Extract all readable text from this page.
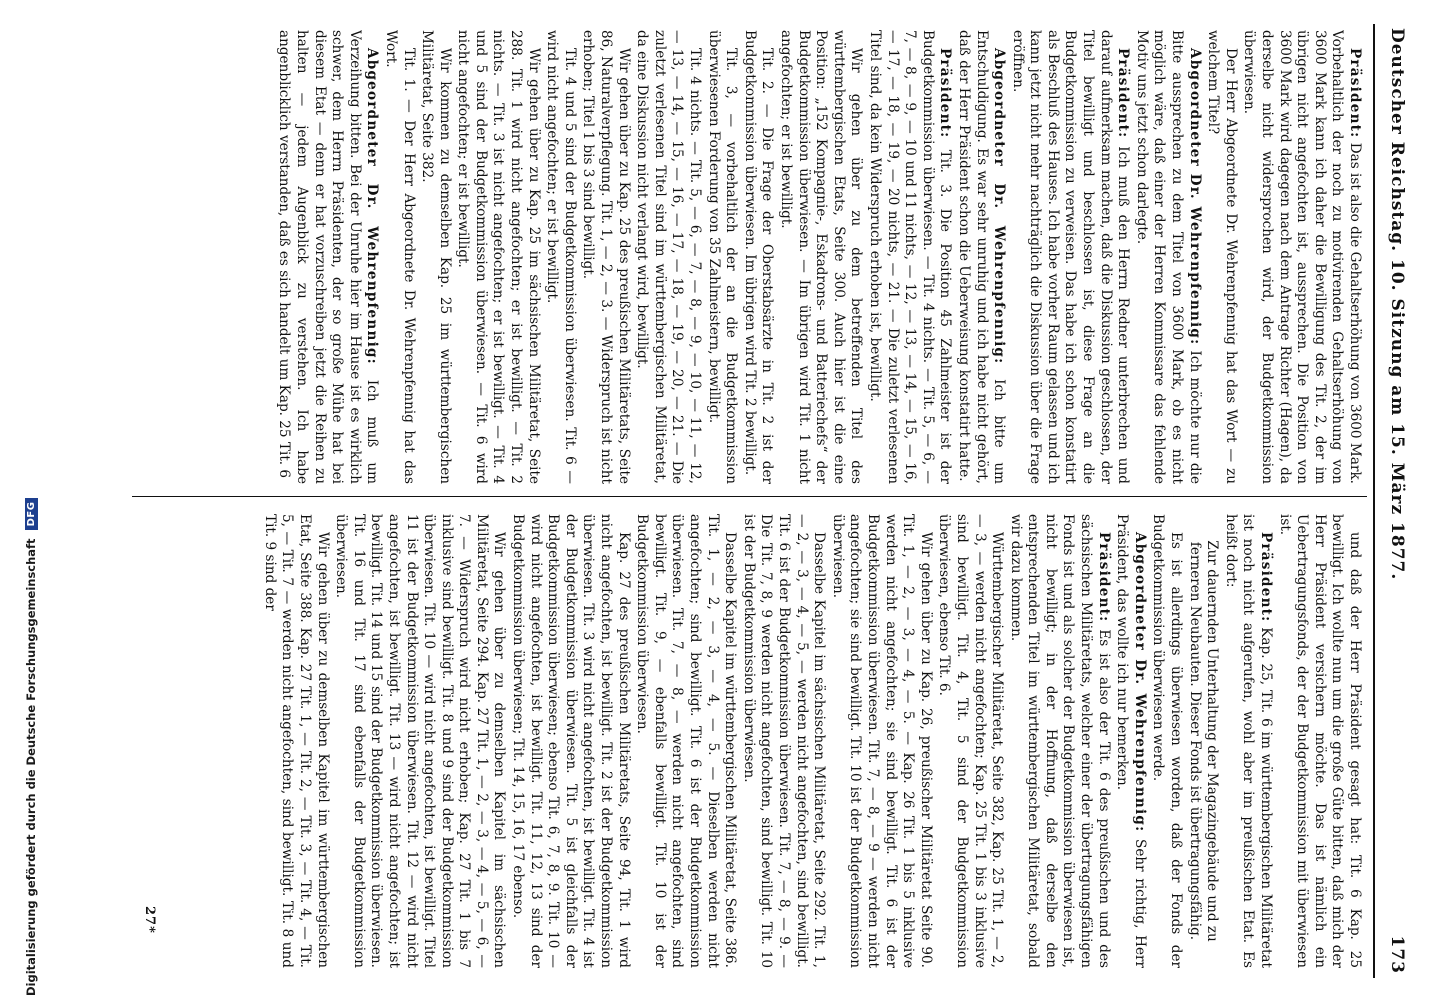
Deutscher Reichstag. 10. Sitzung am 15. März 1877.
173

Präsident: Das ist also die Gehaltserhöhung von 3600 Mark. Vorbehaltlich der noch zu motivirenden Gehaltserhöhung von 3600 Mark kann ich daher die Bewilligung des Tit. 2, der im übrigen nicht angefochten ist, aussprechen. Die Position von 3600 Mark wird dagegen nach dem Antrage Richter (Hagen), da derselbe nicht widersprochen wird, der Budgetkommission überwiesen.

Der Herr Abgeordnete Dr. Wehrenpfennig hat das Wort — zu welchem Titel?

Abgeordneter Dr. Wehrenpfennig: Ich möchte nur die Bitte aussprechen zu dem Titel von 3600 Mark, ob es nicht möglich wäre, daß einer der Herren Kommissare das fehlende Motiv uns jetzt schon darlegte.

Präsident: Ich muß den Herrn Redner unterbrechen und darauf aufmerksam machen, daß die Diskussion geschlossen, der Titel bewilligt und beschlossen ist, diese Frage an die Budgetkommission zu verweisen. Das habe ich schon konstatirt als Beschluß des Hauses. Ich habe vorher Raum gelassen und ich kann jetzt nicht mehr nachträglich die Diskussion über die Frage eröffnen.

Abgeordneter Dr. Wehrenpfennig: Ich bitte um Entschuldigung. Es war sehr unruhig und ich habe nicht gehört, daß der Herr Präsident schon die Ueberweisung konstatirt hatte.

Präsident: Tit. 3. Die Position 45 Zahlmeister ist der Budgetkommission überwiesen. — Tit. 4 nichts. — Tit. 5, — 6, — 7, — 8, — 9, — 10 und 11 nichts, — 12, — 13, — 14, — 15, — 16, — 17, — 18, — 19, — 20 nichts, — 21. — Die zuletzt verlesenen Titel sind, da kein Widerspruch erhoben ist, bewilligt.

Wir gehen über zu dem betreffenden Titel des württembergischen Etats, Seite 300. Auch hier ist die eine Position: „152 Kompagnie-, Eskadrons- und Batteriechefs“ der Budgetkommission überwiesen. — Im übrigen wird Tit. 1 nicht angefochten; er ist bewilligt.

Tit. 2. — Die Frage der Oberstabsärzte in Tit. 2 ist der Budgetkommission überwiesen. Im übrigen wird Tit. 2 bewilligt.

Tit. 3, — vorbehaltlich der an die Budgetkommission überwiesenen Forderung von 35 Zahlmeistern, bewilligt.

Tit. 4 nichts. — Tit. 5, — 6, — 7, — 8, — 9, — 10, — 11, — 12, — 13, — 14, — 15, — 16, — 17, — 18, — 19, — 20, — 21. — Die zuletzt verlesenen Titel sind im württembergischen Militäretat, da eine Diskussion nicht verlangt wird, bewilligt.

Wir gehen über zu Kap. 25 des preußischen Militäretats, Seite 86, Naturalverpflegung. Tit. 1, — 2, — 3. — Widerspruch ist nicht erhoben; Titel 1 bis 3 sind bewilligt.

Tit. 4 und 5 sind der Budgetkommission überwiesen. Tit. 6 — wird nicht angefochten; er ist bewilligt.

Wir gehen über zu Kap. 25 im sächsischen Militäretat, Seite 288. Tit. 1 wird nicht angefochten; er ist bewilligt. — Tit. 2 nichts. — Tit. 3 ist nicht angefochten; er ist bewilligt. — Tit. 4 und 5 sind der Budgetkommission überwiesen. — Tit. 6 wird nicht angefochten; er ist bewilligt.

Wir kommen zu demselben Kap. 25 im württembergischen Militäretat, Seite 382.

Tit. 1. — Der Herr Abgeordnete Dr. Wehrenpfennig hat das Wort.

Abgeordneter Dr. Wehrenpfennig: Ich muß um Verzeihung bitten. Bei der Unruhe hier im Hause ist es wirklich schwer, dem Herrn Präsidenten, der so große Mühe hat bei diesem Etat — denn er hat vorzuschreiben jetzt die Reihen zu halten — jedem Augenblick zu verstehen. Ich habe angenblicklich verstanden, daß es sich handelt um Kap. 25 Tit. 6

und daß der Herr Präsident gesagt hat: Tit. 6 Kap. 25 bewilligt. Ich wollte nun um die große Güte bitten, daß mich der Herr Präsident versichern möchte. Das ist nämlich ein Uebertragungsfonds, der der Budgetkommission mit überwiesen ist.

Präsident: Kap. 25, Tit. 6 im württembergischen Militäretat ist noch nicht aufgerufen, wohl aber im preußischen Etat. Es heißt dort:

Zur dauernden Unterhaltung der Magazingebäude und zu ferneren Neubauten. Dieser Fonds ist übertragungsfähig.

Es ist allerdings überwiesen worden, daß der Fonds der Budgetkommission überwiesen werde.

Abgeordneter Dr. Wehrenpfennig: Sehr richtig, Herr Präsident, das wollte ich nur bemerken.

Präsident: Es ist also der Tit. 6 des preußischen und des sächsischen Militäretats, welcher einer der übertragungsfähigen Fonds ist und als solcher der Budgetkommission überwiesen ist, nicht bewilligt; in der Hoffnung, daß derselbe den entsprechenden Titel im württembergischen Militäretat, sobald wir dazu kommen.

Württembergischer Militäretat, Seite 382, Kap. 25 Tit. 1, — 2, — 3, — werden nicht angefochten; Kap. 25 Tit. 1 bis 3 inklusive sind bewilligt. Tit. 4, Tit. 5 sind der Budgetkommission überwiesen, ebenso Tit. 6.

Wir gehen über zu Kap. 26, preußischer Militäretat Seite 90. Tit. 1, — 2, — 3, — 4, — 5. — Kap. 26 Tit. 1 bis 5 inklusive werden nicht angefochten; sie sind bewilligt. Tit. 6 ist der Budgetkommission überwiesen. Tit. 7, — 8, — 9 — werden nicht angefochten; sie sind bewilligt. Tit. 10 ist der Budgetkommission überwiesen.

Dasselbe Kapitel im sächsischen Militäretat, Seite 292. Tit. 1, — 2, — 3, — 4, — 5, — werden nicht angefochten, sind bewilligt. Tit. 6 ist der Budgetkommission überwiesen. Tit. 7, — 8, — 9. — Die Tit. 7, 8, 9 werden nicht angefochten, sind bewilligt. Tit. 10 ist der Budgetkommission überwiesen.

Dasselbe Kapitel im württembergischen Militäretat, Seite 386. Tit. 1, — 2, — 3, — 4, — 5. — Dieselben werden nicht angefochten; sind bewilligt. Tit. 6 ist der Budgetkommission überwiesen. Tit. 7, — 8, — werden nicht angefochten, sind bewilligt. Tit. 9, — ebenfalls bewilligt. Tit. 10 ist der Budgetkommission überwiesen.

Kap. 27 des preußischen Militäretats, Seite 94, Tit. 1 wird nicht angefochten, ist bewilligt. Tit. 2 ist der Budgetkommission überwiesen. Tit. 3 wird nicht angefochten, ist bewilligt. Tit. 4 ist der Budgetkommission überwiesen. Tit. 5 ist gleichfalls der Budgetkommission überwiesen; ebenso Tit. 6, 7, 8, 9. Tit. 10 — wird nicht angefochten, ist bewilligt. Tit. 11, 12, 13 sind der Budgetkommission überwiesen; Tit. 14, 15, 16, 17 ebenso.

Wir gehen über zu demselben Kapitel im sächsischen Militäretat, Seite 294. Kap. 27 Tit. 1, — 2, — 3, — 4, — 5, — 6, — 7. — Widerspruch wird nicht erhoben; Kap. 27 Tit. 1 bis 7 inklusive sind bewilligt. Tit. 8 und 9 sind der Budgetkommission überwiesen. Tit. 10 — wird nicht angefochten, ist bewilligt. Titel 11 ist der Budgetkommission überwiesen. Tit. 12 — wird nicht angefochten, ist bewilligt. Tit. 13 — wird nicht angefochten; ist bewilligt. Tit. 14 und 15 sind der Budgetkommission überwiesen. Tit. 16 und Tit. 17 sind ebenfalls der Budgetkommission überwiesen.

Wir gehen über zu demselben Kapitel im württembergischen Etat, Seite 388. Kap. 27 Tit. 1, — Tit. 2, — Tit. 3, — Tit. 4, — Tit. 5, — Tit. 7 — werden nicht angefochten, sind bewilligt. Tit. 8 und Tit. 9 sind der

27*
Digitalisierung gefördert durch die Deutsche Forschungsgemeinschaft DFG
